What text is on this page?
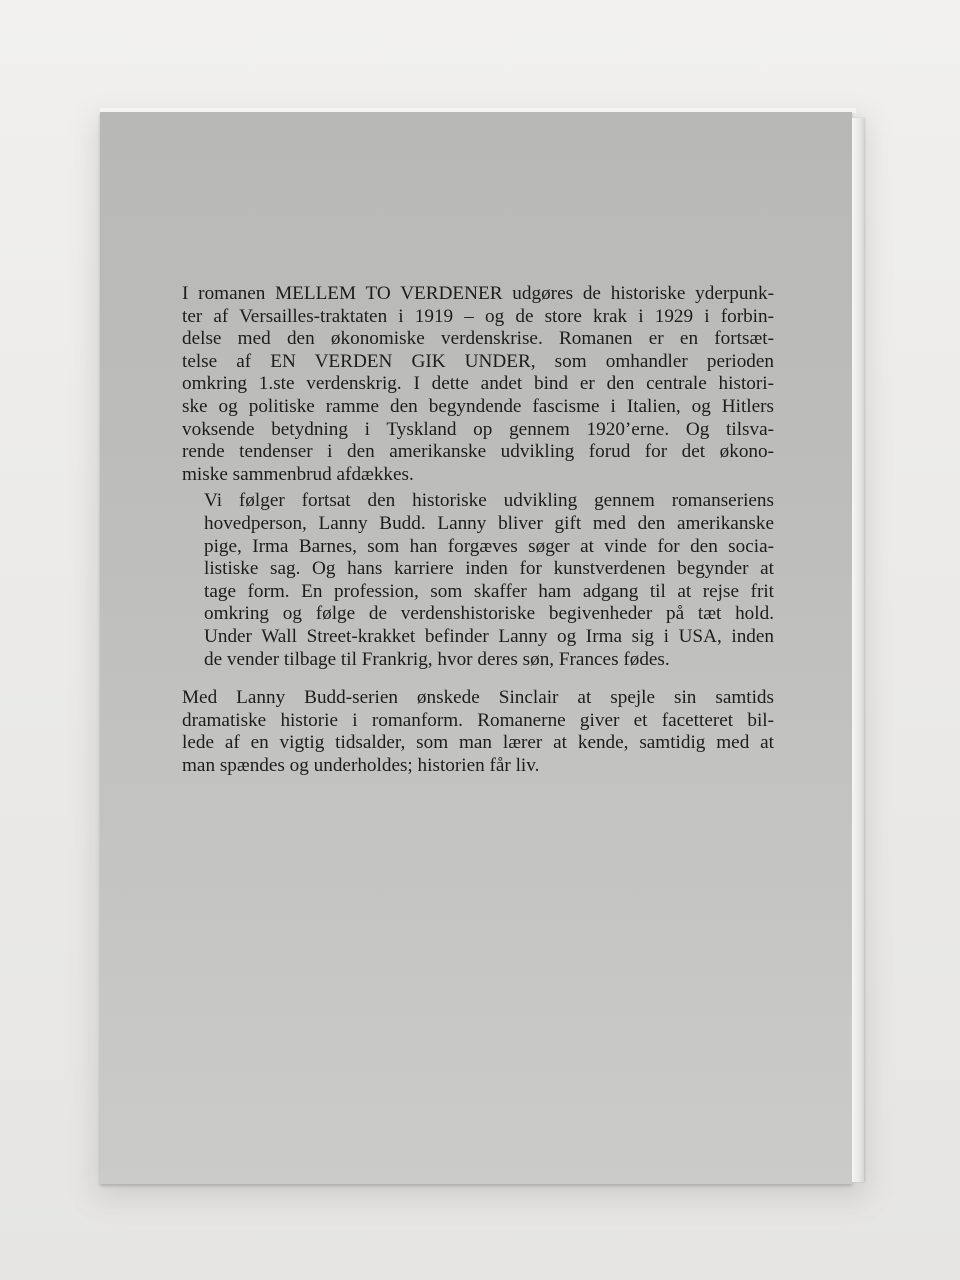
I romanen MELLEM TO VERDENER udgøres de historiske yderpunk-
ter af Versailles-traktaten i 1919 – og de store krak i 1929 i forbin-
delse med den økonomiske verdenskrise. Romanen er en fortsæt-
telse af EN VERDEN GIK UNDER, som omhandler perioden
omkring 1.ste verdenskrig. I dette andet bind er den centrale histori-
ske og politiske ramme den begyndende fascisme i Italien, og Hitlers
voksende betydning i Tyskland op gennem 1920’erne. Og tilsva-
rende tendenser i den amerikanske udvikling forud for det økono-
miske sammenbrud afdækkes.

Vi følger fortsat den historiske udvikling gennem romanseriens
hovedperson, Lanny Budd. Lanny bliver gift med den amerikanske
pige, Irma Barnes, som han forgæves søger at vinde for den socia-
listiske sag. Og hans karriere inden for kunstverdenen begynder at
tage form. En profession, som skaffer ham adgang til at rejse frit
omkring og følge de verdenshistoriske begivenheder på tæt hold.
Under Wall Street-krakket befinder Lanny og Irma sig i USA, inden
de vender tilbage til Frankrig, hvor deres søn, Frances fødes.

Med Lanny Budd-serien ønskede Sinclair at spejle sin samtids
dramatiske historie i romanform. Romanerne giver et facetteret bil-
lede af en vigtig tidsalder, som man lærer at kende, samtidig med at
man spændes og underholdes; historien får liv.
